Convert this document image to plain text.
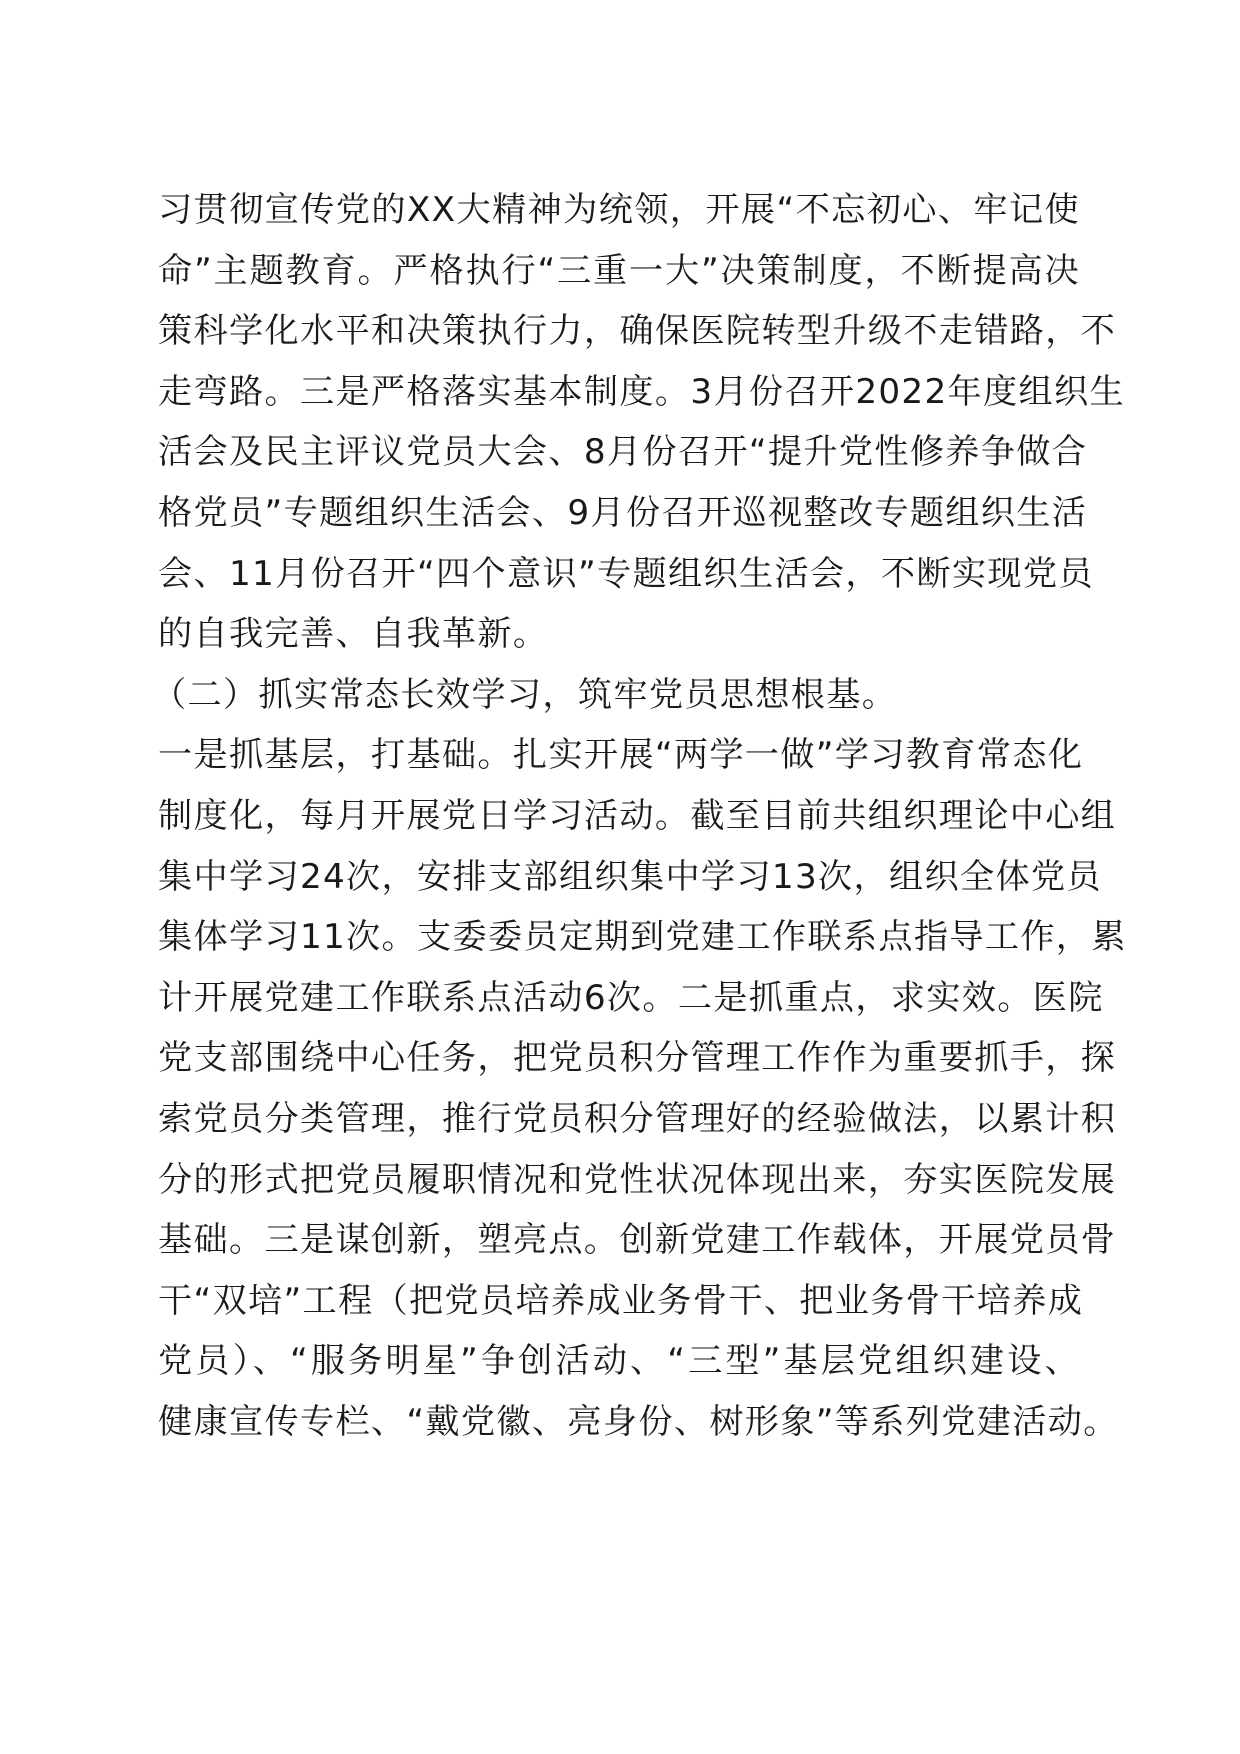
习贯彻宣传党的XX大精神为统领，开展“不忘初心、牢记使
命”主题教育。严格执行“三重一大”决策制度，不断提高决
策科学化水平和决策执行力，确保医院转型升级不走错路，不
走弯路。三是严格落实基本制度。3月份召开2022年度组织生
活会及民主评议党员大会、8月份召开“提升党性修养争做合
格党员”专题组织生活会、9月份召开巡视整改专题组织生活
会、11月份召开“四个意识”专题组织生活会，不断实现党员
的自我完善、自我革新。
（二）抓实常态长效学习，筑牢党员思想根基。
一是抓基层，打基础。扎实开展“两学一做”学习教育常态化
制度化，每月开展党日学习活动。截至目前共组织理论中心组
集中学习24次，安排支部组织集中学习13次，组织全体党员
集体学习11次。支委委员定期到党建工作联系点指导工作，累
计开展党建工作联系点活动6次。二是抓重点，求实效。医院
党支部围绕中心任务，把党员积分管理工作作为重要抓手，探
索党员分类管理，推行党员积分管理好的经验做法，以累计积
分的形式把党员履职情况和党性状况体现出来，夯实医院发展
基础。三是谋创新，塑亮点。创新党建工作载体，开展党员骨
干“双培”工程（把党员培养成业务骨干、把业务骨干培养成
党员）、“服务明星”争创活动、“三型”基层党组织建设、
健康宣传专栏、“戴党徽、亮身份、树形象”等系列党建活动。
